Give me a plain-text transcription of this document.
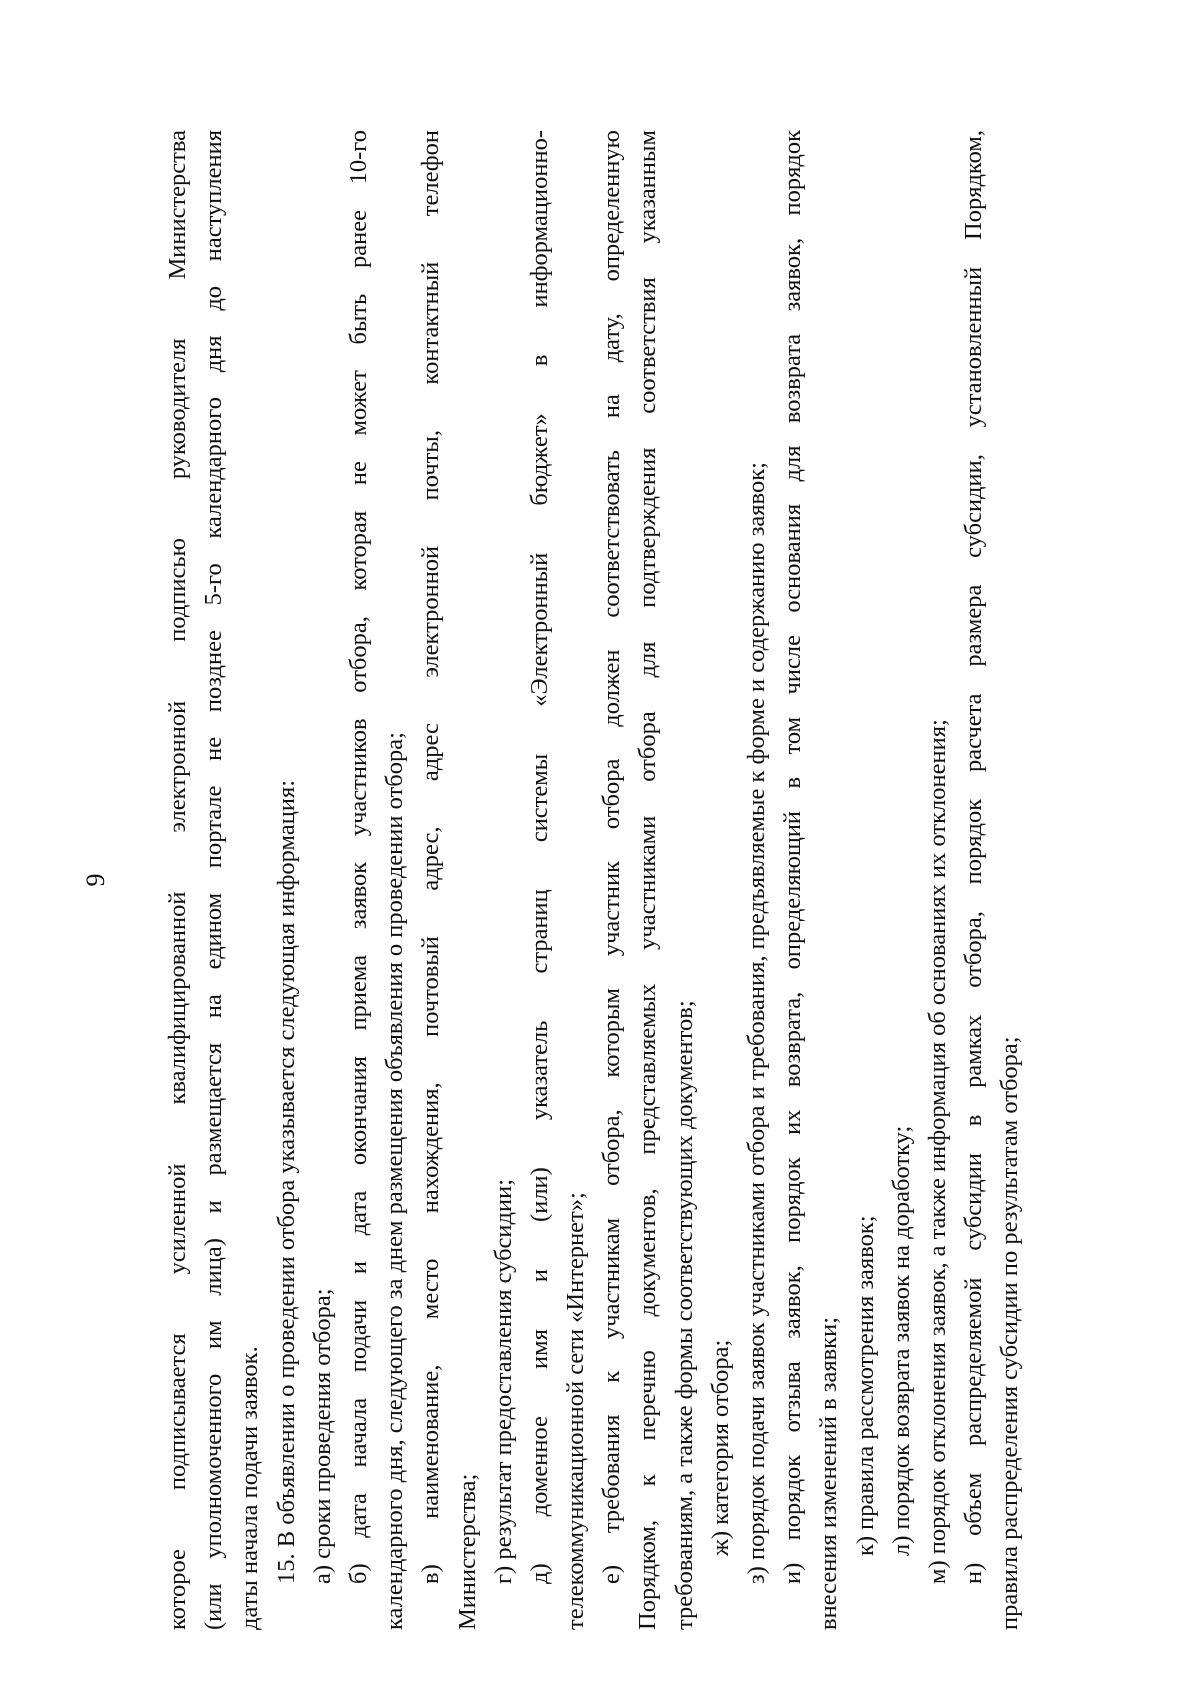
9 которое подписывается усиленной квалифицированной электронной подписью руководителя Министерства (или уполномоченного им лица) и размещается на едином портале не позднее 5-го календарного дня до наступления даты начала подачи заявок. 15. В объявлении о проведении отбора указывается следующая информация: а) сроки проведения отбора; б) дата начала подачи и дата окончания приема заявок участников отбора, которая не может быть ранее 10-го календарного дня, следующего за днем размещения объявления о проведении отбора; в) наименование, место нахождения, почтовый адрес, адрес электронной почты, контактный телефон Министерства; г) результат предоставления субсидии; д) доменное имя и (или) указатель страниц системы «Электронный бюджет» в информационно- телекоммуникационной сети «Интернет»; е) требования к участникам отбора, которым участник отбора должен соответствовать на дату, определенную Порядком, к перечню документов, представляемых участниками отбора для подтверждения соответствия указанным требованиям, а также формы соответствующих документов; ж) категория отбора; з) порядок подачи заявок участниками отбора и требования, предъявляемые к форме и содержанию заявок; и) порядок отзыва заявок, порядок их возврата, определяющий в том числе основания для возврата заявок, порядок внесения изменений в заявки; к) правила рассмотрения заявок; л) порядок возврата заявок на доработку; м) порядок отклонения заявок, а также информация об основаниях их отклонения; н) объем распределяемой субсидии в рамках отбора, порядок расчета размера субсидии, установленный Порядком, правила распределения субсидии по результатам отбора;
